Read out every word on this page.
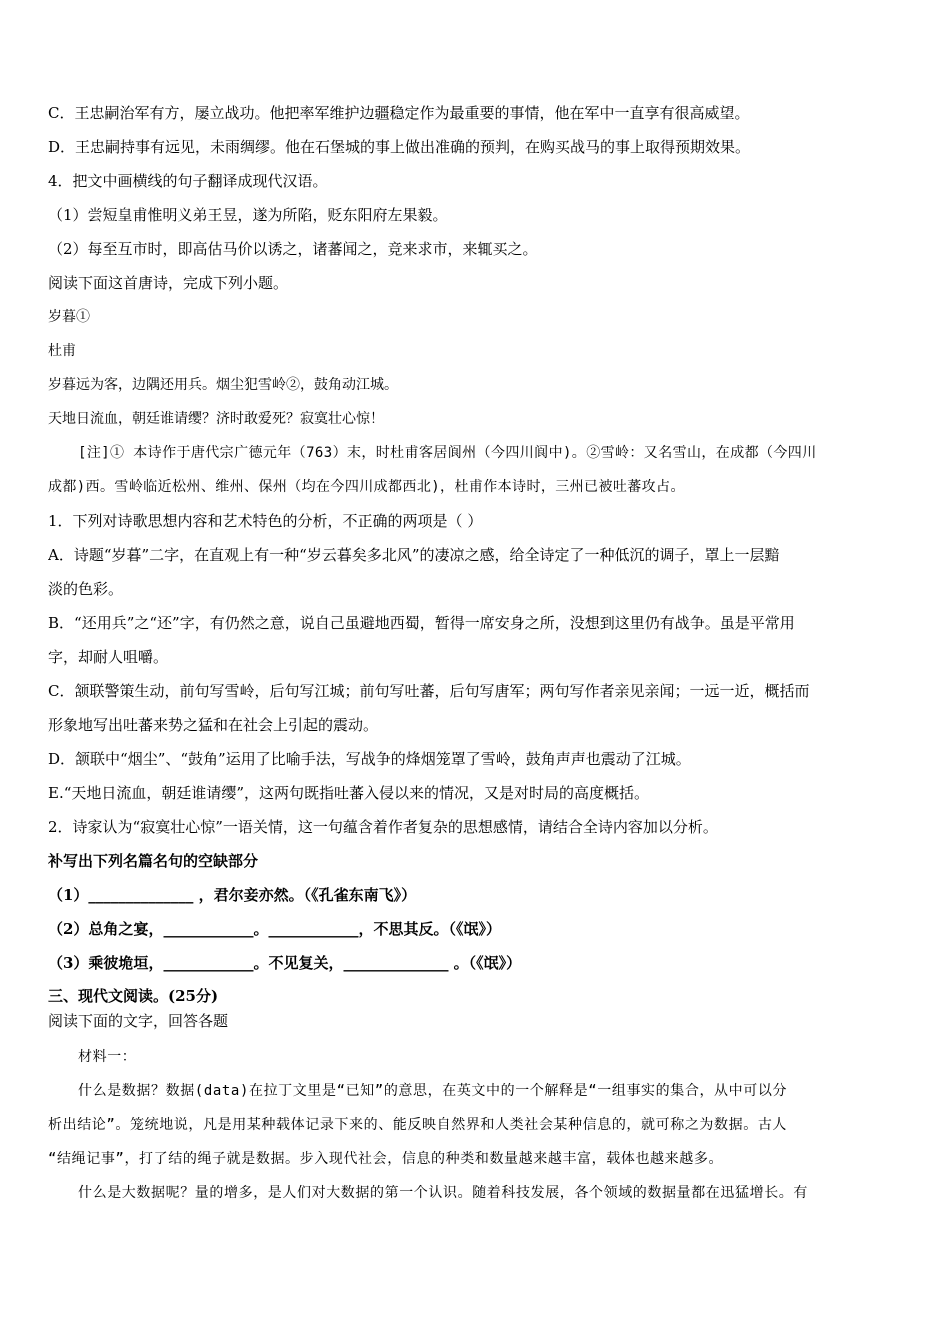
C．王忠嗣治军有方，屡立战功。他把率军维护边疆稳定作为最重要的事情，他在军中一直享有很高威望。
D．王忠嗣持事有远见，未雨绸缪。他在石堡城的事上做出准确的预判，在购买战马的事上取得预期效果。
4．把文中画横线的句子翻译成现代汉语。
（1）尝短皇甫惟明义弟王昱，遂为所陷，贬东阳府左果毅。
（2）每至互市时，即高估马价以诱之，诸蕃闻之，竞来求市，来辄买之。
阅读下面这首唐诗，完成下列小题。
岁暮①
杜甫
岁暮远为客，边隅还用兵。烟尘犯雪岭②，鼓角动江城。
天地日流血，朝廷谁请缨？济时敢爱死？寂寞壮心惊！
[注]① 本诗作于唐代宗广德元年（763）末，时杜甫客居阆州（今四川阆中)。②雪岭：又名雪山，在成都（今四川
成都)西。雪岭临近松州、维州、保州（均在今四川成都西北)，杜甫作本诗时，三州已被吐蕃攻占。
1．下列对诗歌思想内容和艺术特色的分析，不正确的两项是（ ）
A．诗题“岁暮”二字，在直观上有一种“岁云暮矣多北风”的凄凉之感，给全诗定了一种低沉的调子，罩上一层黯
淡的色彩。
B．“还用兵”之“还”字，有仍然之意，说自己虽避地西蜀，暂得一席安身之所，没想到这里仍有战争。虽是平常用
字，却耐人咀嚼。
C．颔联警策生动，前句写雪岭，后句写江城；前句写吐蕃，后句写唐军；两句写作者亲见亲闻；一远一近，概括而
形象地写出吐蕃来势之猛和在社会上引起的震动。
D．颔联中“烟尘”、“鼓角”运用了比喻手法，写战争的烽烟笼罩了雪岭，鼓角声声也震动了江城。
E.“天地日流血，朝廷谁请缨”，这两句既指吐蕃入侵以来的情况，又是对时局的高度概括。
2．诗家认为“寂寞壮心惊”一语关情，这一句蕴含着作者复杂的思想感情，请结合全诗内容加以分析。
补写出下列名篇名句的空缺部分
（1）______________ ，君尔妾亦然。（《孔雀东南飞》）
（2）总角之宴，____________。____________，不思其反。（《氓》）
（3）乘彼垝垣，____________。不见复关，______________ 。（《氓》）
三、现代文阅读。(25分)
阅读下面的文字，回答各题
材料一：
什么是数据？数据(data)在拉丁文里是“已知”的意思，在英文中的一个解释是“一组事实的集合，从中可以分
析出结论”。笼统地说，凡是用某种载体记录下来的、能反映自然界和人类社会某种信息的，就可称之为数据。古人
“结绳记事”，打了结的绳子就是数据。步入现代社会，信息的种类和数量越来越丰富，载体也越来越多。
什么是大数据呢？量的增多，是人们对大数据的第一个认识。随着科技发展，各个领域的数据量都在迅猛增长。有
